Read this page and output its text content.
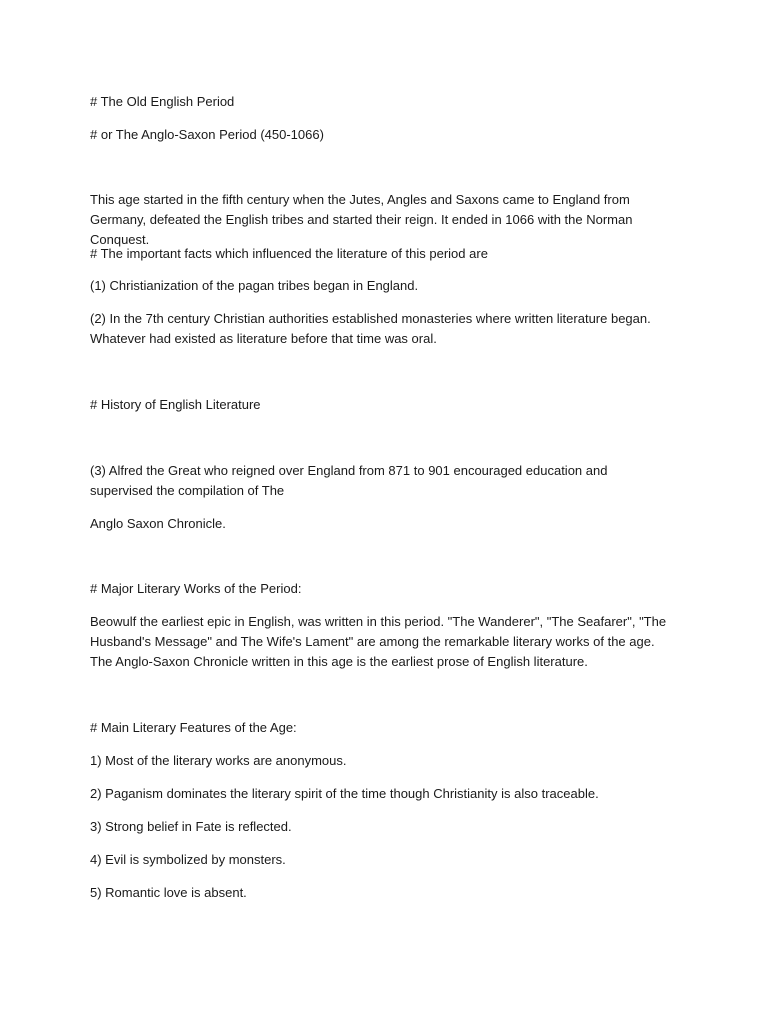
# The Old English Period

# or The Anglo-Saxon Period (450-1066)

This age started in the fifth century when the Jutes, Angles and Saxons came to England from Germany, defeated the English tribes and started their reign. It ended in 1066 with the Norman Conquest.

# The important facts which influenced the literature of this period are

(1) Christianization of the pagan tribes began in England.

(2) In the 7th century Christian authorities established monasteries where written literature began. Whatever had existed as literature before that time was oral.

# History of English Literature

(3) Alfred the Great who reigned over England from 871 to 901 encouraged education and supervised the compilation of The

Anglo Saxon Chronicle.

# Major Literary Works of the Period:

Beowulf the earliest epic in English, was written in this period. "The Wanderer", "The Seafarer", "The Husband's Message" and The Wife's Lament" are among the remarkable literary works of the age. The Anglo-Saxon Chronicle written in this age is the earliest prose of English literature.

# Main Literary Features of the Age:

1) Most of the literary works are anonymous.

2) Paganism dominates the literary spirit of the time though Christianity is also traceable.

3) Strong belief in Fate is reflected.

4) Evil is symbolized by monsters.

5) Romantic love is absent.
